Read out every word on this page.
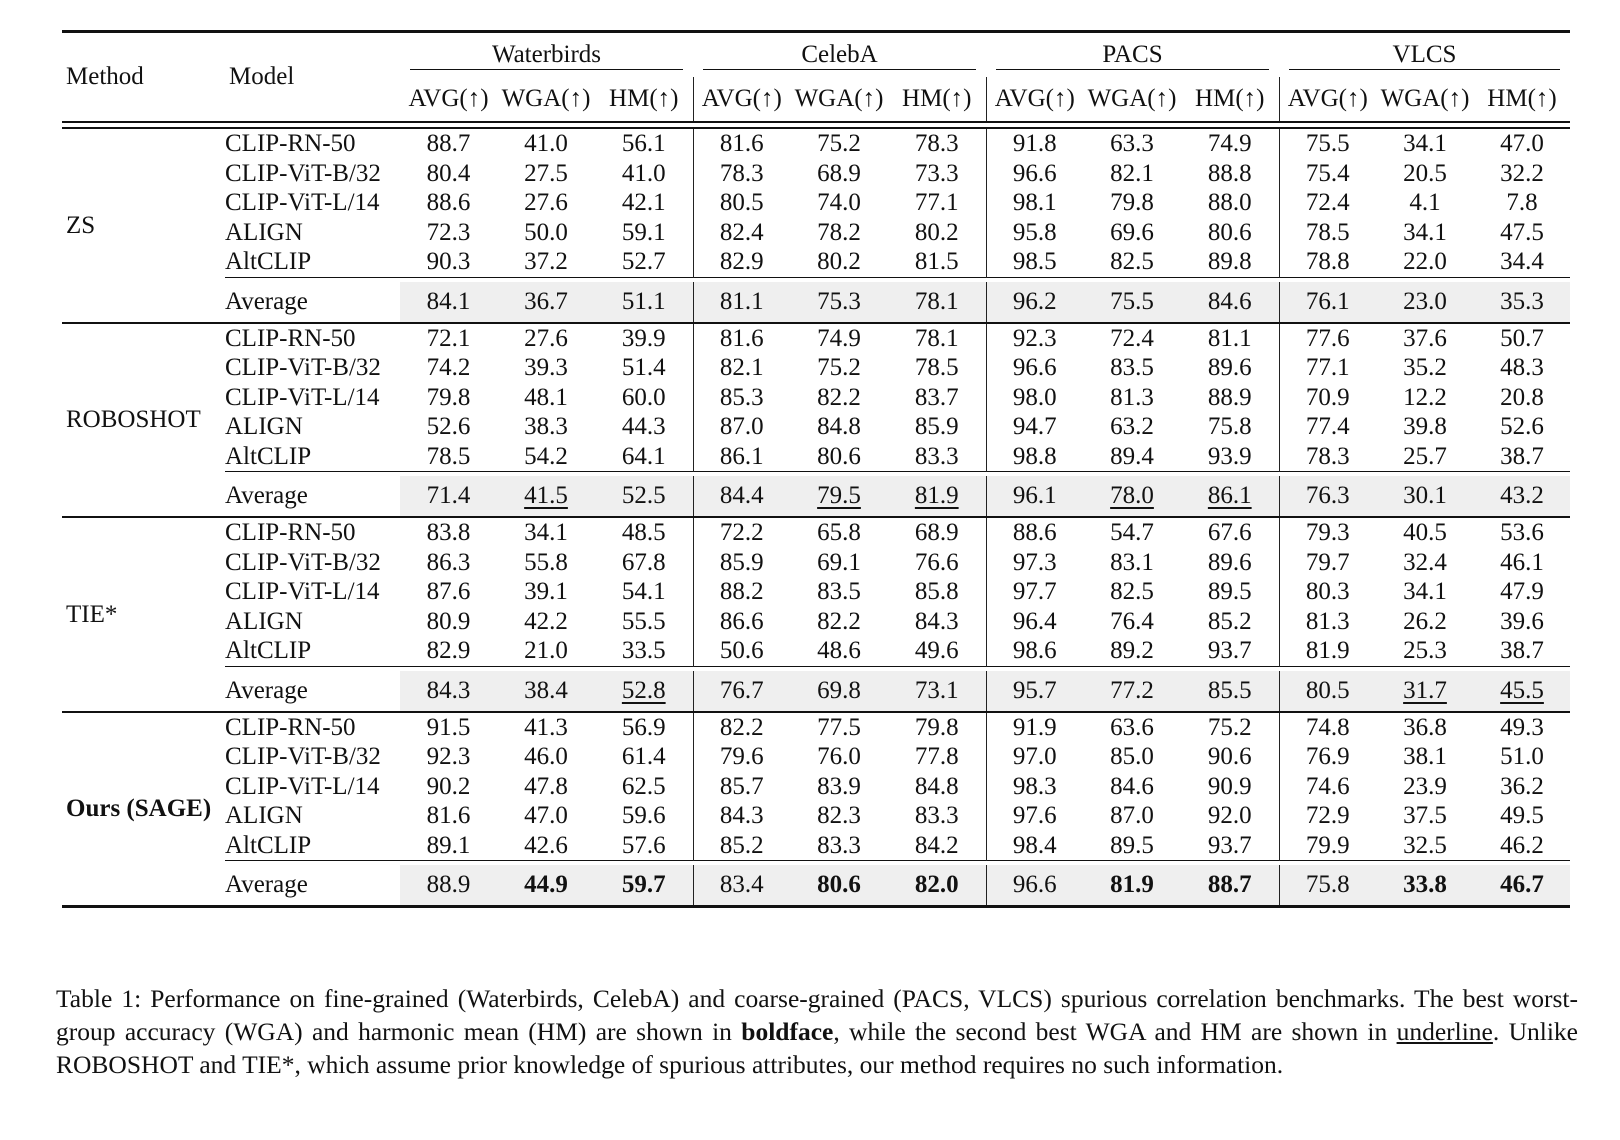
Method	Model	Waterbirds			CelebA			PACS			VLCS		

		AVG(↑)	WGA(↑)	HM(↑)	AVG(↑)	WGA(↑)	HM(↑)	AVG(↑)	WGA(↑)	HM(↑)	AVG(↑)	WGA(↑)	HM(↑)

ZS	CLIP-RN-50	88.7	41.0	56.1	81.6	75.2	78.3	91.8	63.3	74.9	75.5	34.1	47.0
	CLIP-ViT-B/32	80.4	27.5	41.0	78.3	68.9	73.3	96.6	82.1	88.8	75.4	20.5	32.2
	CLIP-ViT-L/14	88.6	27.6	42.1	80.5	74.0	77.1	98.1	79.8	88.0	72.4	4.1	7.8
	ALIGN	72.3	50.0	59.1	82.4	78.2	80.2	95.8	69.6	80.6	78.5	34.1	47.5
	AltCLIP	90.3	37.2	52.7	82.9	80.2	81.5	98.5	82.5	89.8	78.8	22.0	34.4

	Average	84.1	36.7	51.1	81.1	75.3	78.1	96.2	75.5	84.6	76.1	23.0	35.3
ROBOSHOT	CLIP-RN-50	72.1	27.6	39.9	81.6	74.9	78.1	92.3	72.4	81.1	77.6	37.6	50.7
	CLIP-ViT-B/32	74.2	39.3	51.4	82.1	75.2	78.5	96.6	83.5	89.6	77.1	35.2	48.3
	CLIP-ViT-L/14	79.8	48.1	60.0	85.3	82.2	83.7	98.0	81.3	88.9	70.9	12.2	20.8
	ALIGN	52.6	38.3	44.3	87.0	84.8	85.9	94.7	63.2	75.8	77.4	39.8	52.6
	AltCLIP	78.5	54.2	64.1	86.1	80.6	83.3	98.8	89.4	93.9	78.3	25.7	38.7

	Average	71.4	41.5	52.5	84.4	79.5	81.9	96.1	78.0	86.1	76.3	30.1	43.2
TIE*	CLIP-RN-50	83.8	34.1	48.5	72.2	65.8	68.9	88.6	54.7	67.6	79.3	40.5	53.6
	CLIP-ViT-B/32	86.3	55.8	67.8	85.9	69.1	76.6	97.3	83.1	89.6	79.7	32.4	46.1
	CLIP-ViT-L/14	87.6	39.1	54.1	88.2	83.5	85.8	97.7	82.5	89.5	80.3	34.1	47.9
	ALIGN	80.9	42.2	55.5	86.6	82.2	84.3	96.4	76.4	85.2	81.3	26.2	39.6
	AltCLIP	82.9	21.0	33.5	50.6	48.6	49.6	98.6	89.2	93.7	81.9	25.3	38.7

	Average	84.3	38.4	52.8	76.7	69.8	73.1	95.7	77.2	85.5	80.5	31.7	45.5
Ours (SAGE)	CLIP-RN-50	91.5	41.3	56.9	82.2	77.5	79.8	91.9	63.6	75.2	74.8	36.8	49.3
	CLIP-ViT-B/32	92.3	46.0	61.4	79.6	76.0	77.8	97.0	85.0	90.6	76.9	38.1	51.0
	CLIP-ViT-L/14	90.2	47.8	62.5	85.7	83.9	84.8	98.3	84.6	90.9	74.6	23.9	36.2
	ALIGN	81.6	47.0	59.6	84.3	82.3	83.3	97.6	87.0	92.0	72.9	37.5	49.5
	AltCLIP	89.1	42.6	57.6	85.2	83.3	84.2	98.4	89.5	93.7	79.9	32.5	46.2

	Average	88.9	44.9	59.7	83.4	80.6	82.0	96.6	81.9	88.7	75.8	33.8	46.7
Table 1: Performance on fine-grained (Waterbirds, CelebA) and coarse-grained (PACS, VLCS) spurious correlation benchmarks. The best worst-group accuracy (WGA) and harmonic mean (HM) are shown in boldface, while the second best WGA and HM are shown in underline. Unlike ROBOSHOT and TIE*, which assume prior knowledge of spurious attributes, our method requires no such information.
